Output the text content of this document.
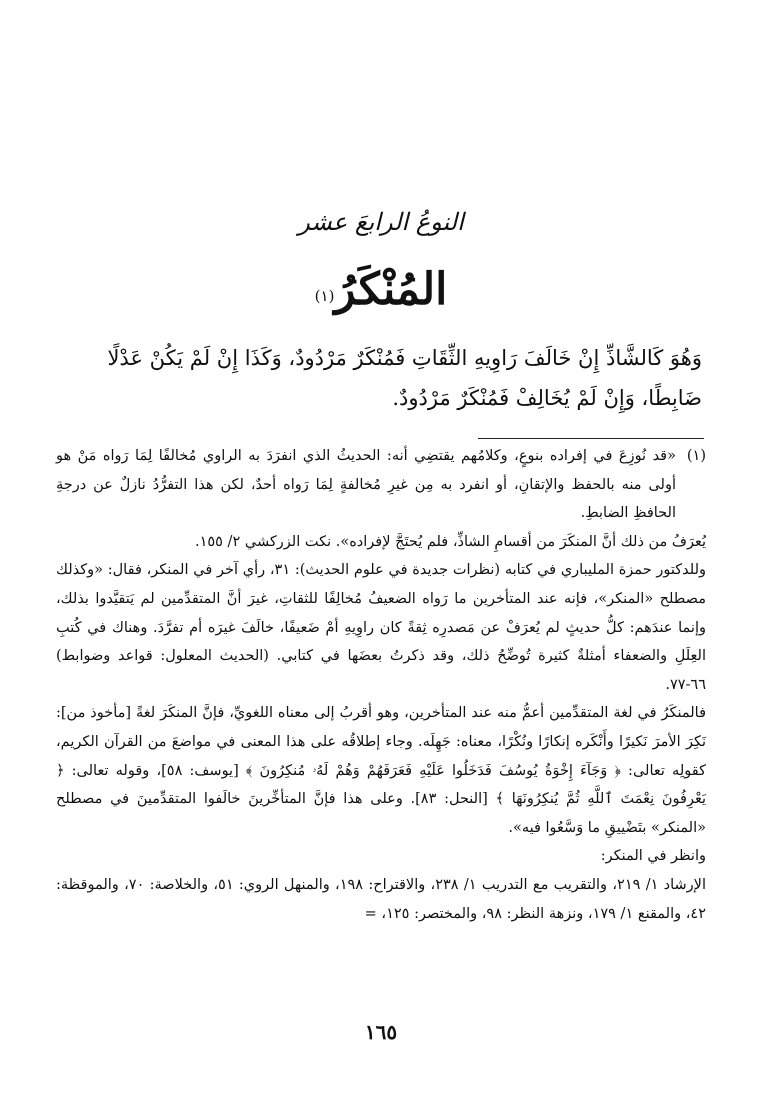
النوعُ الرابعَ عشر
المُنْكَرُ$^{(١)}$

وَهُوَ كَالشَّاذِّ إِنْ خَالَفَ رَاوِيهِ الثِّقَاتِ فَمُنْكَرٌ مَرْدُودٌ، وَكَذَا إِنْ لَمْ يَكُنْ عَدْلًا

ضَابِطًا، وَإِنْ لَمْ يُخَالِفْ فَمُنْكَرٌ مَرْدُودٌ.

(١)
«قد نُوزِعَ في إفراده بنوعٍ، وكلامُهم يقتضِي أنه: الحديثُ الذي انفرَدَ به الراوي مُخالفًا لِمَا رَواه مَنْ هو أولى منه بالحفظ والإتقانِ، أو انفرد به مِن غيرِ مُخالفةٍ لِمَا رَواه أحدٌ، لكن هذا التفرُّدُ نازلٌ عن درجةِ الحافظِ الضابطِ.

يُعرَفُ من ذلك أنَّ المنكَرَ من أقسامِ الشاذِّ، فلم يُحتَجَّ لإفراده». نكت الزركشي ٢/ ١٥٥.

وللدكتور حمزة المليباري في كتابه (نظرات جديدة في علوم الحديث): ٣١، رأي آخر في المنكر، فقال: «وكذلك مصطلح «المنكر»، فإنه عند المتأخرين ما رَواه الضعيفُ مُخالِفًا للثقاتِ، غيرَ أنَّ المتقدِّمين لم يَتقيَّدوا بذلك، وإنما عندَهم: كلُّ حديثٍ لم يُعرَفْ عن مَصدرِه ثِقةً كان راوِيهِ أمْ ضَعيفًا، خالَفَ غيرَه أم تفرَّدَ. وهناك في كُتبِ العِلَلِ والضعفاء أمثلةٌ كثيرة تُوضِّحُ ذلك، وقد ذكرتُ بعضَها في كتابي. (الحديث المعلول: قواعد وضوابط) ٦٦-٧٧.

فالمنكَرُ في لغة المتقدِّمين أعمُّ منه عند المتأخرين، وهو أقربُ إلى معناه اللغويِّ، فإنَّ المنكَرَ لغةً [مأخوذ من]: نَكِرَ الأمرَ نَكيرًا وأَنْكَره إنكارًا ونُكْرًا، معناه: جَهِلَه. وجاء إطلاقُه على هذا المعنى في مواضعَ من القرآن الكريم، كقولِه تعالى: ﴿ وَجَآءَ إِخْوَةُ يُوسُفَ فَدَخَلُوا عَلَيْهِ فَعَرَفَهُمْ وَهُمْ لَهُۥ مُنكِرُونَ ﴾ [يوسف: ٥٨]، وقوله تعالى: ﴿ يَعْرِفُونَ نِعْمَتَ ٱللَّهِ ثُمَّ يُنكِرُونَهَا ﴾ [النحل: ٨٣]. وعلى هذا فإنَّ المتأخِّرينَ خالَفوا المتقدِّمينَ في مصطلح «المنكر» بتَضْييقِ ما وَسَّعُوا فيه».

وانظر في المنكر:

الإرشاد ١/ ٢١٩، والتقريب مع التدريب ١/ ٢٣٨، والاقتراح: ١٩٨، والمنهل الروي: ٥١، والخلاصة: ٧٠، والموقظة: ٤٢، والمقنع ١/ ١٧٩، ونزهة النظر: ٩٨، والمختصر: ١٢٥، =

١٦٥
